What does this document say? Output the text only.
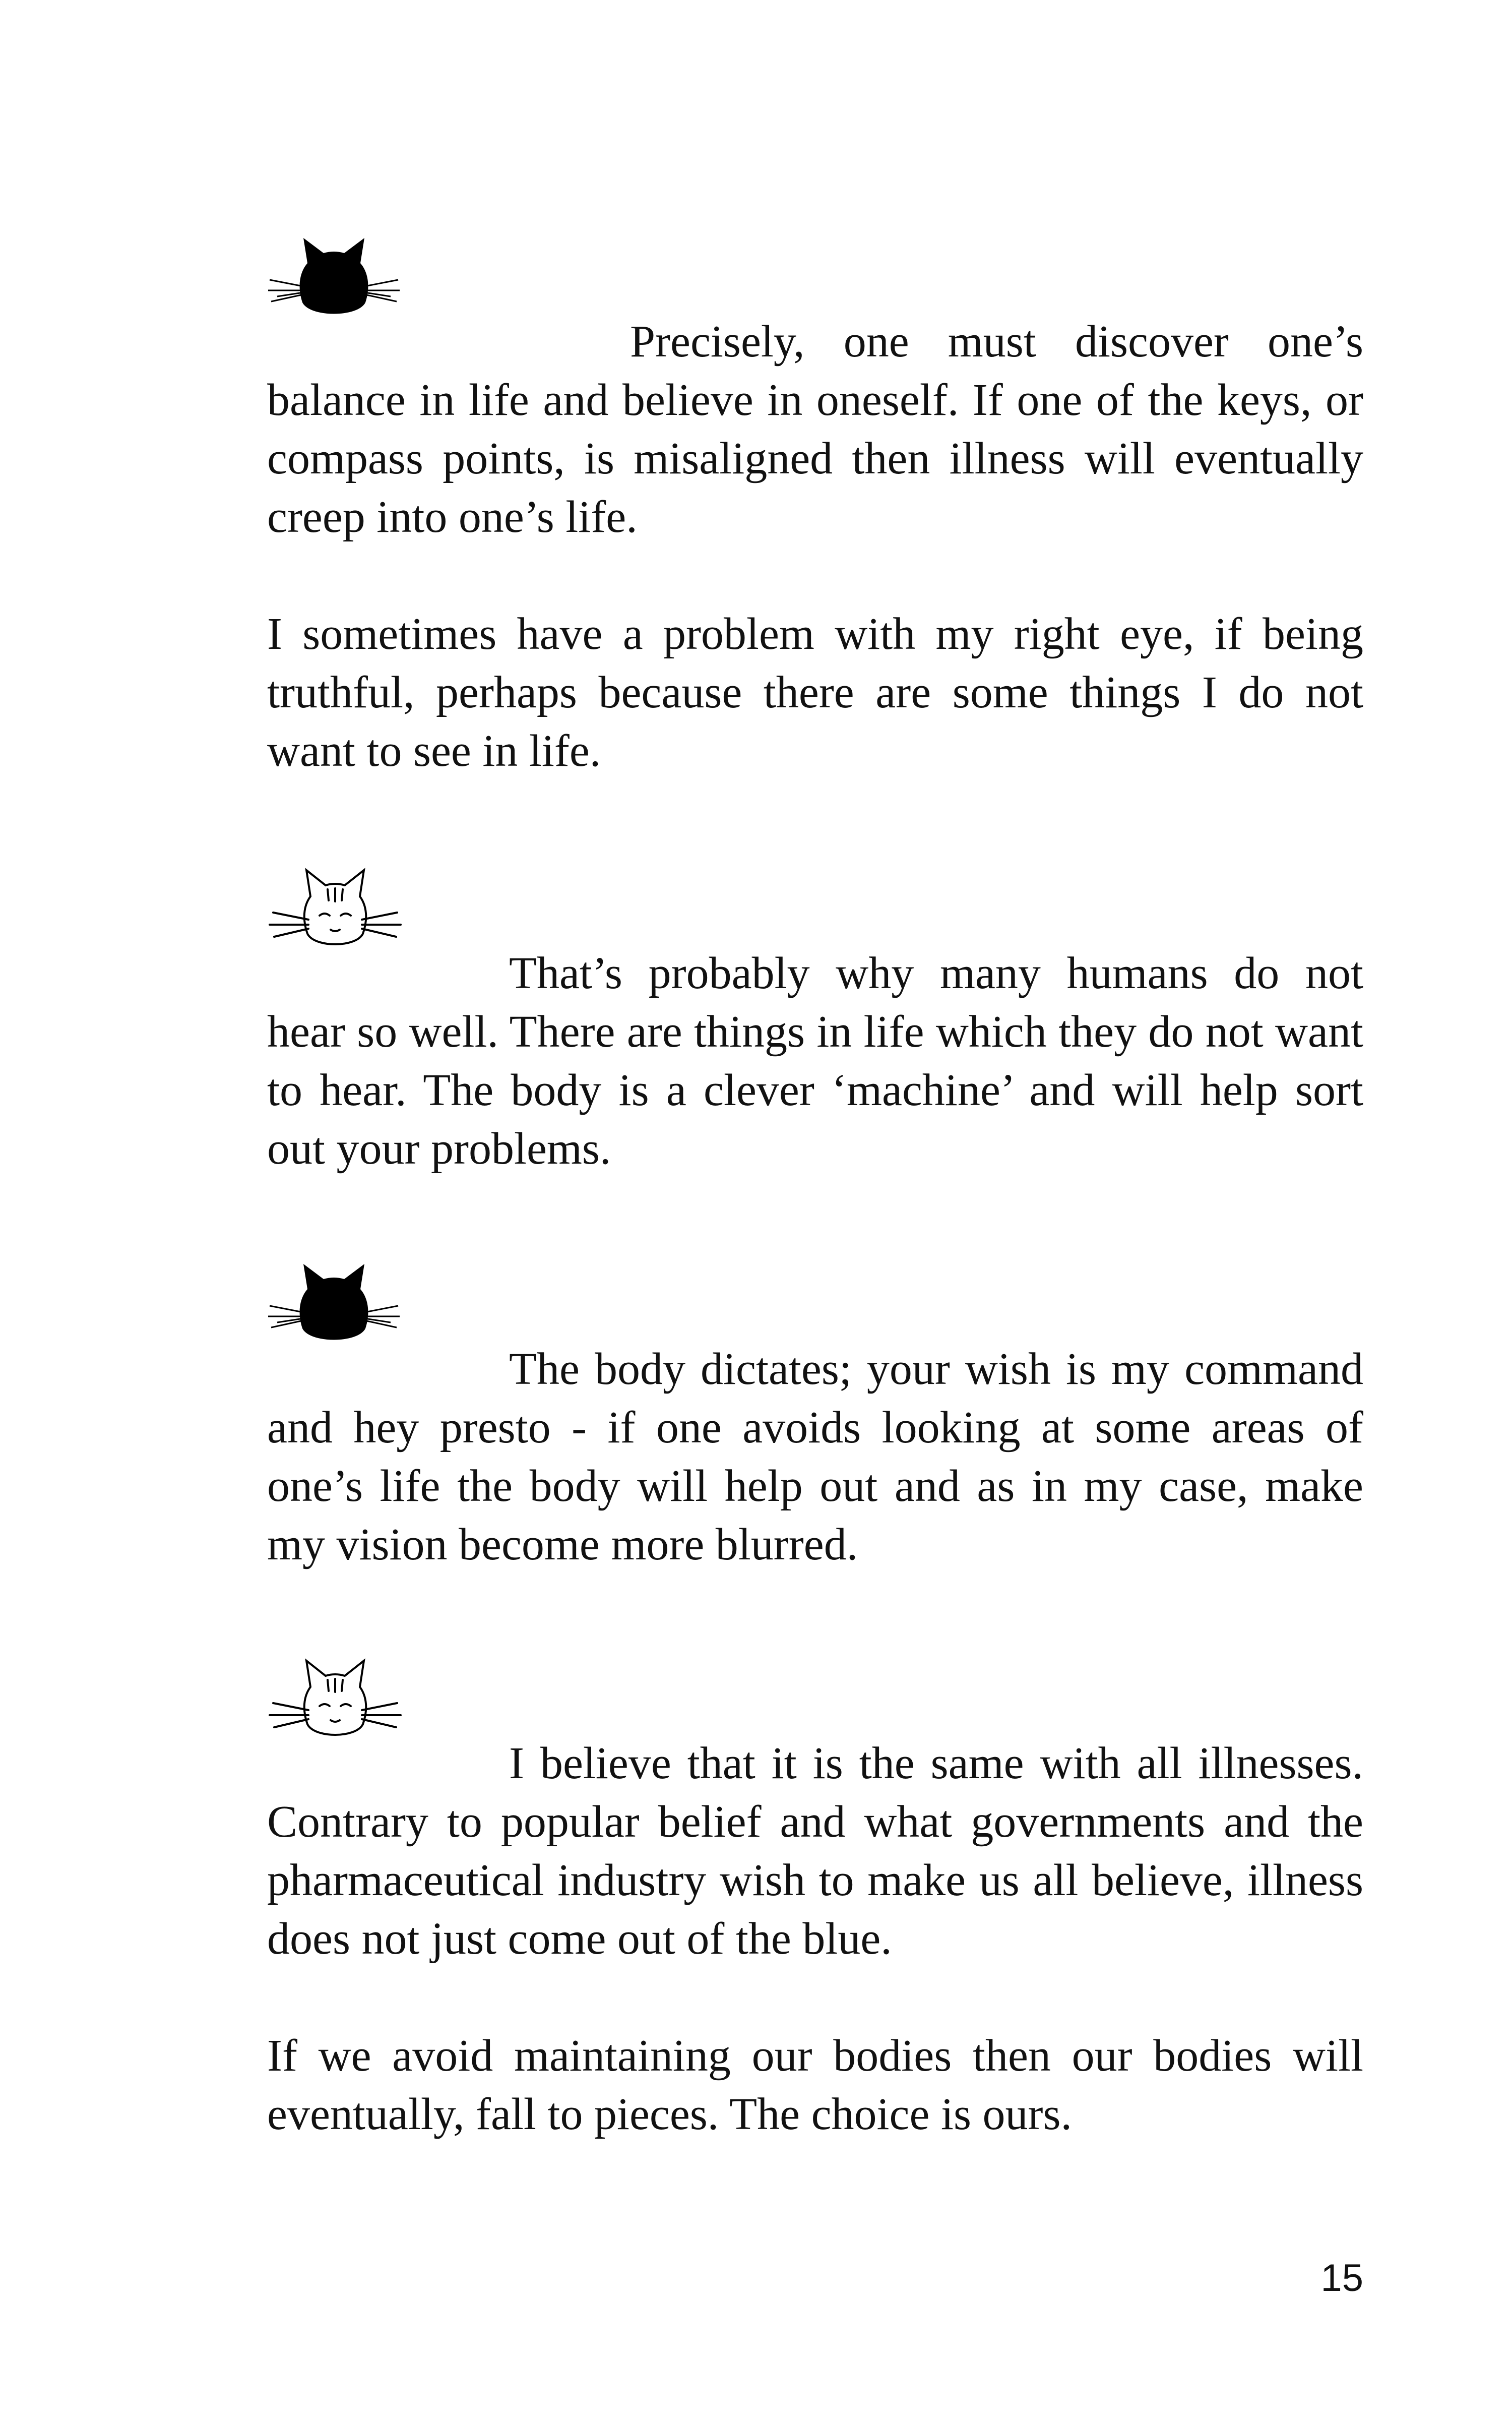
Precisely, one must discover one’s balance in life and believe in oneself. If one of the keys, or compass points, is misaligned then illness will eventually creep into one’s life.

I sometimes have a problem with my right eye, if being truthful, perhaps because there are some things I do not want to see in life.

That’s probably why many humans do not hear so well. There are things in life which they do not want to hear. The body is a clever ‘machine’ and will help sort out your problems.

The body dictates; your wish is my command and hey presto - if one avoids looking at some areas of one’s life the body will help out and as in my case, make my vision become more blurred.

I believe that it is the same with all illnesses. Contrary to popular belief and what governments and the pharmaceutical industry wish to make us all believe, illness does not just come out of the blue.

If we avoid maintaining our bodies then our bodies will eventually, fall to pieces. The choice is ours.

15
